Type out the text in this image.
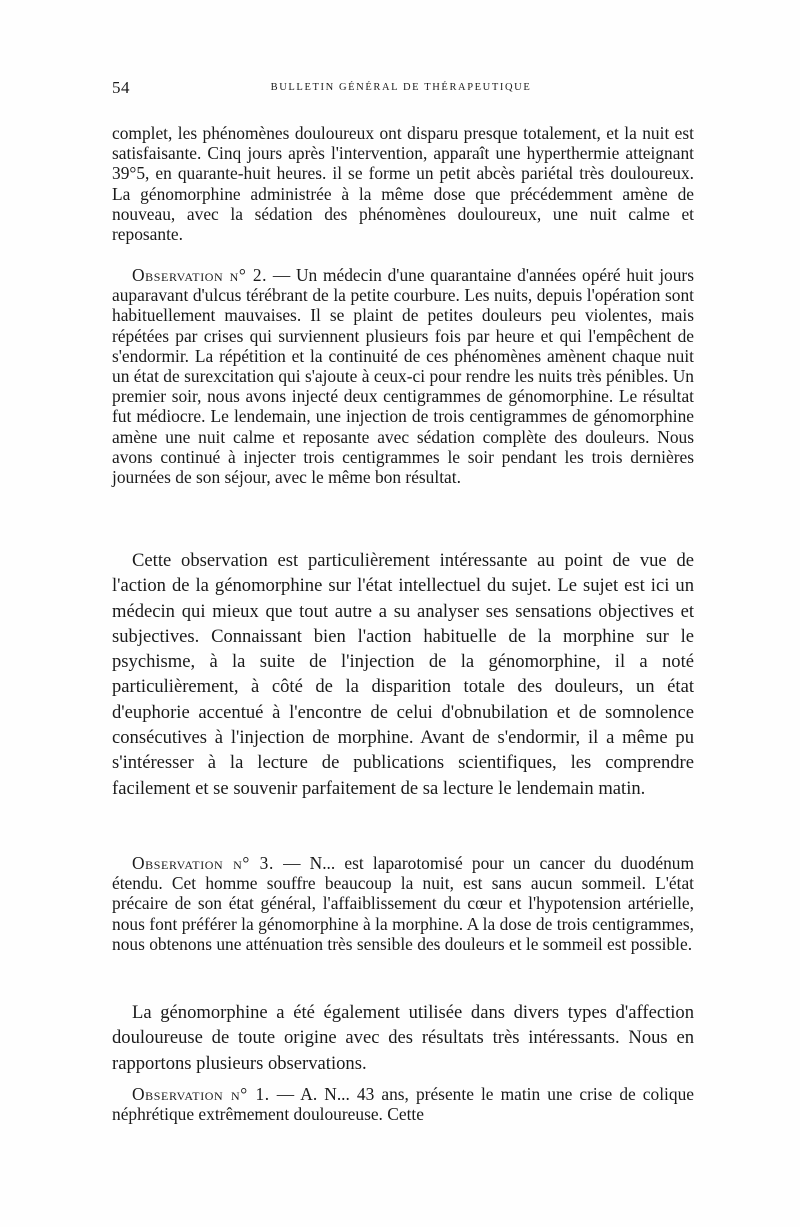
54	BULLETIN GÉNÉRAL DE THÉRAPEUTIQUE

complet, les phénomènes douloureux ont disparu presque totalement, et la nuit est satisfaisante. Cinq jours après l'intervention, apparaît une hyperthermie atteignant 39°5, en quarante-huit heures. il se forme un petit abcès pariétal très douloureux. La génomorphine administrée à la même dose que précédemment amène de nouveau, avec la sédation des phénomènes douloureux, une nuit calme et reposante.

Observation n° 2. — Un médecin d'une quarantaine d'années opéré huit jours auparavant d'ulcus térébrant de la petite courbure. Les nuits, depuis l'opération sont habituellement mauvaises. Il se plaint de petites douleurs peu violentes, mais répétées par crises qui surviennent plusieurs fois par heure et qui l'empêchent de s'endormir. La répétition et la continuité de ces phénomènes amènent chaque nuit un état de surexcitation qui s'ajoute à ceux-ci pour rendre les nuits très pénibles. Un premier soir, nous avons injecté deux centigrammes de génomorphine. Le résultat fut médiocre. Le lendemain, une injection de trois centigrammes de génomorphine amène une nuit calme et reposante avec sédation complète des douleurs. Nous avons continué à injecter trois centigrammes le soir pendant les trois dernières journées de son séjour, avec le même bon résultat.

Cette observation est particulièrement intéressante au point de vue de l'action de la génomorphine sur l'état intellectuel du sujet. Le sujet est ici un médecin qui mieux que tout autre a su analyser ses sensations objectives et subjectives. Connaissant bien l'action habituelle de la morphine sur le psychisme, à la suite de l'injection de la génomorphine, il a noté particulièrement, à côté de la disparition totale des douleurs, un état d'euphorie accentué à l'encontre de celui d'obnubilation et de somnolence consécutives à l'injection de morphine. Avant de s'endormir, il a même pu s'intéresser à la lecture de publications scientifiques, les comprendre facilement et se souvenir parfaitement de sa lecture le lendemain matin.

Observation n° 3. — N... est laparotomisé pour un cancer du duodénum étendu. Cet homme souffre beaucoup la nuit, est sans aucun sommeil. L'état précaire de son état général, l'affaiblissement du cœur et l'hypotension artérielle, nous font préférer la génomorphine à la morphine. A la dose de trois centigrammes, nous obtenons une atténuation très sensible des douleurs et le sommeil est possible.

La génomorphine a été également utilisée dans divers types d'affection douloureuse de toute origine avec des résultats très intéressants. Nous en rapportons plusieurs observations.

Observation n° 1. — A. N... 43 ans, présente le matin une crise de colique néphrétique extrêmement douloureuse. Cette
